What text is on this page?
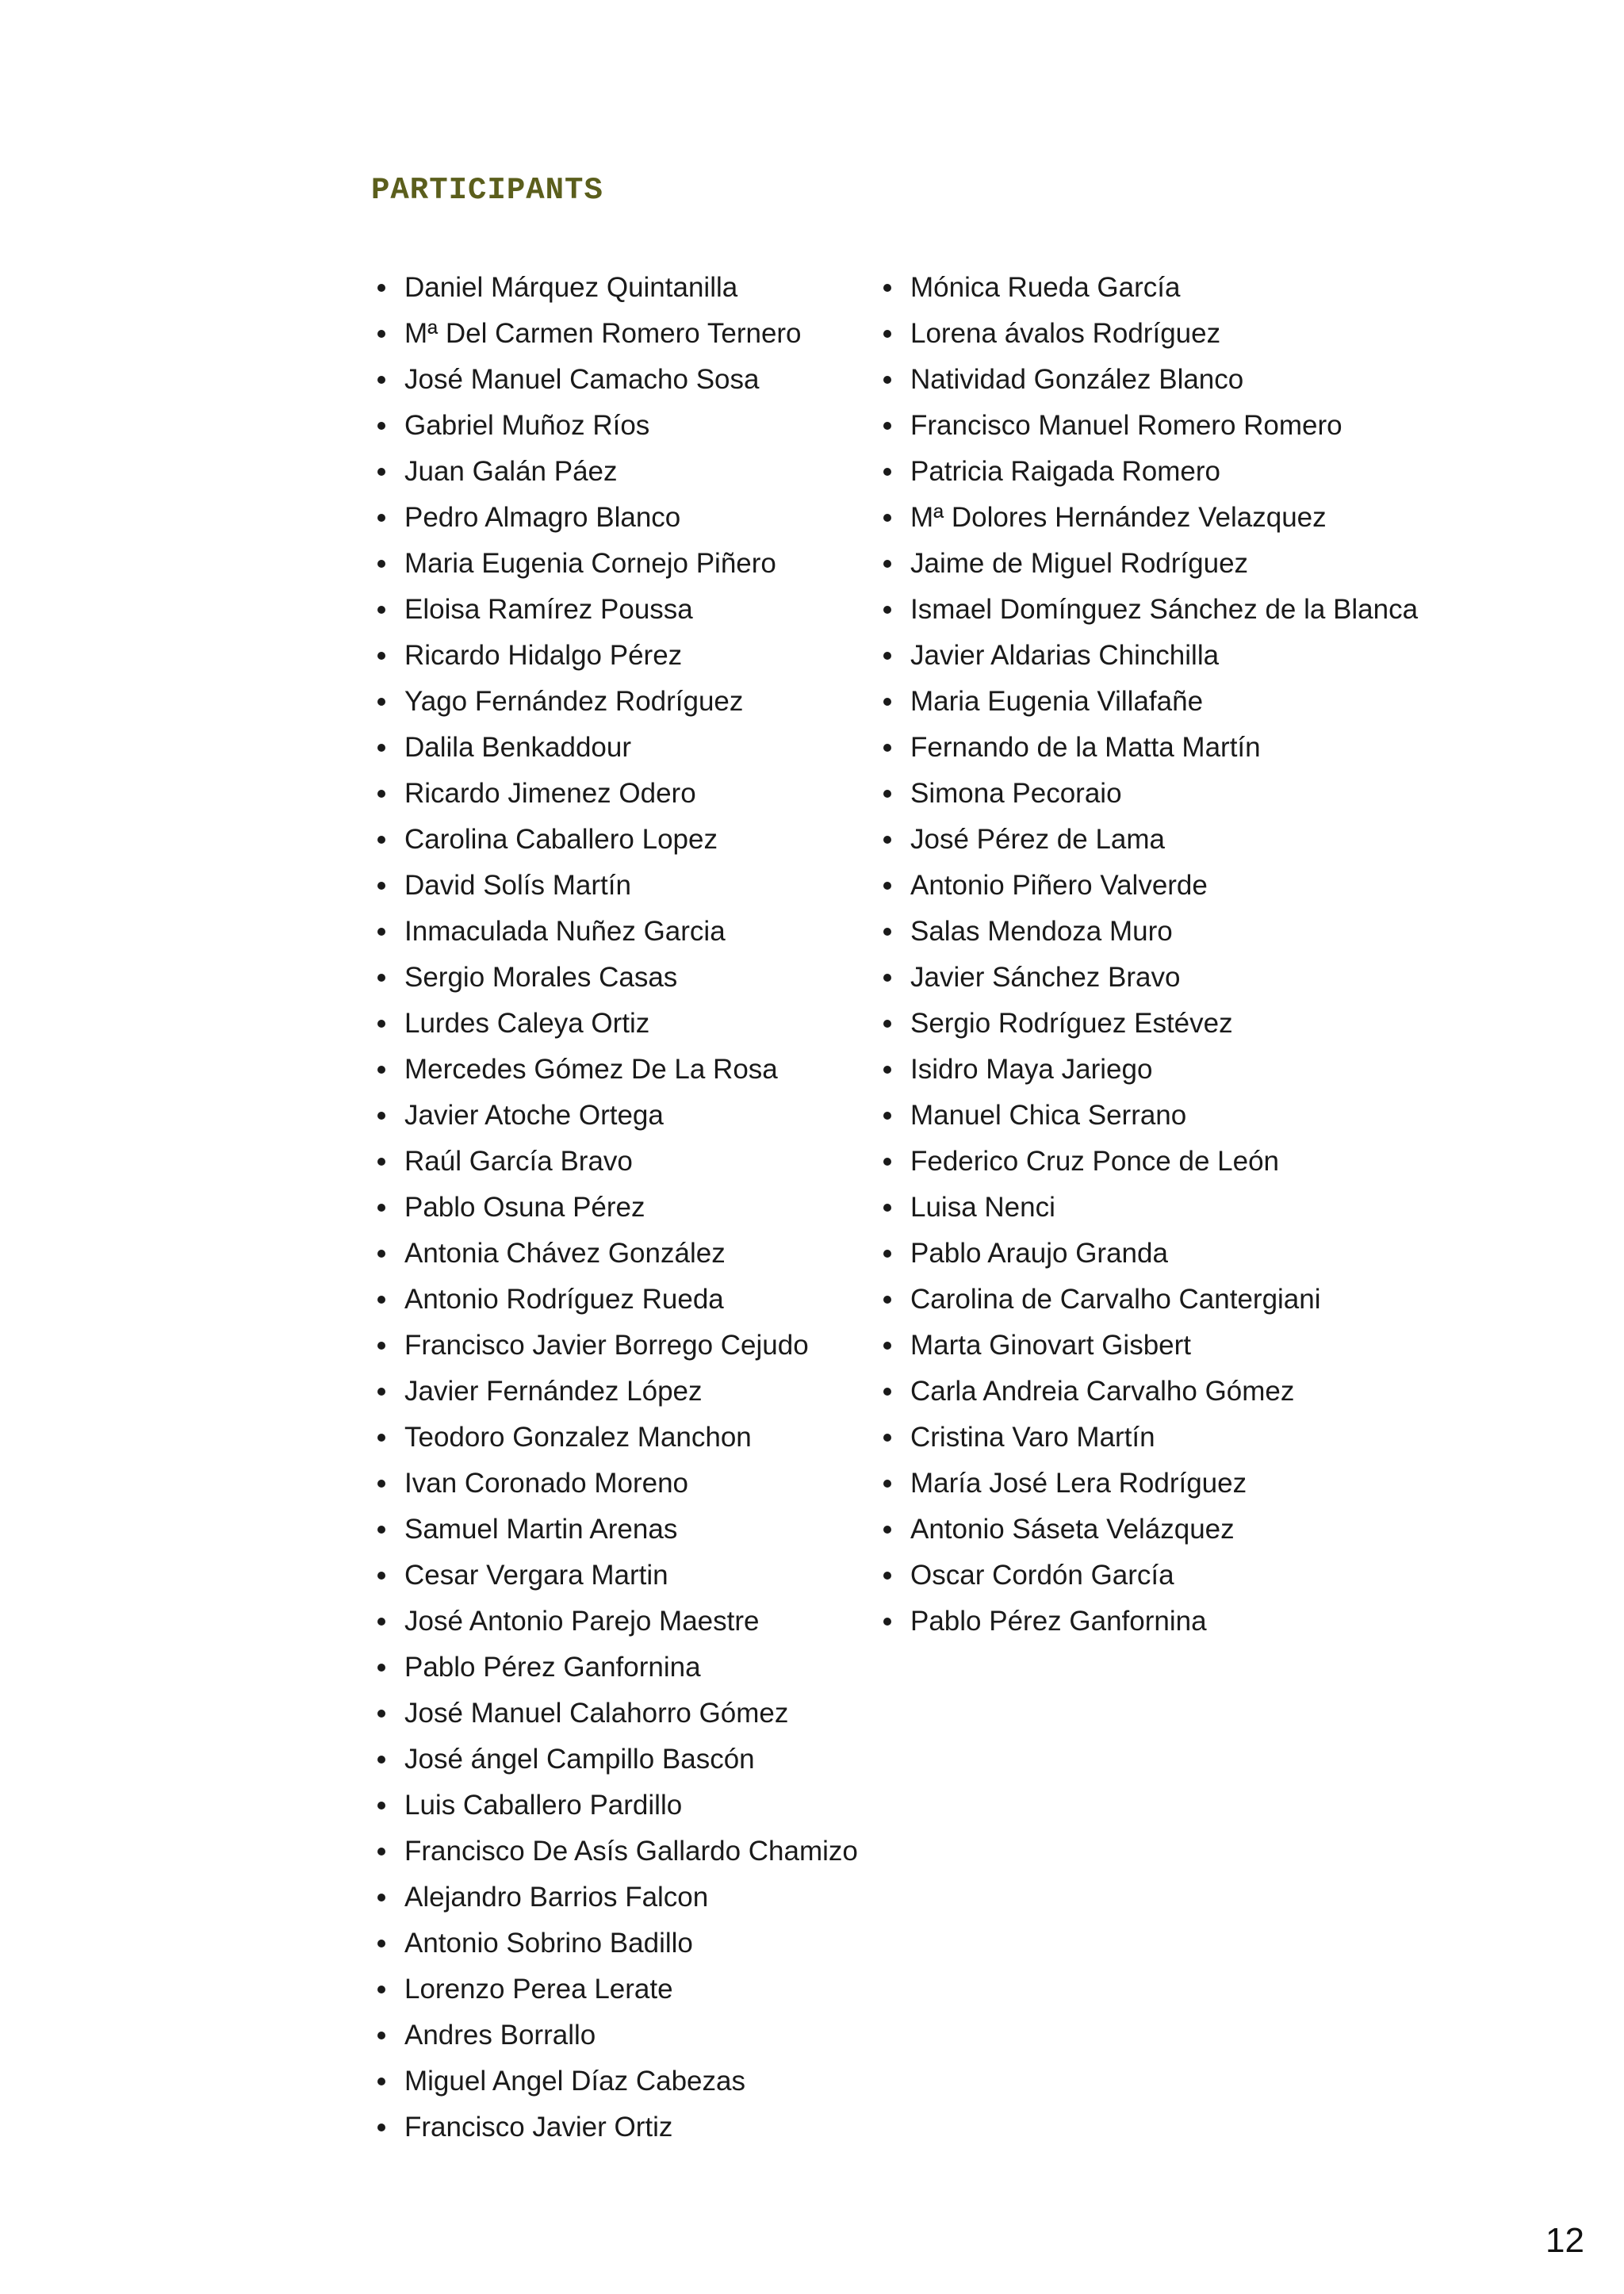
PARTICIPANTS
Daniel Márquez Quintanilla
Mª Del Carmen Romero Ternero
José Manuel Camacho Sosa
Gabriel Muñoz Ríos
Juan Galán Páez
Pedro Almagro Blanco
Maria Eugenia Cornejo Piñero
Eloisa Ramírez Poussa
Ricardo Hidalgo Pérez
Yago Fernández Rodríguez
Dalila Benkaddour
Ricardo Jimenez Odero
Carolina Caballero Lopez
David Solís Martín
Inmaculada Nuñez Garcia
Sergio Morales Casas
Lurdes Caleya Ortiz
Mercedes Gómez De La Rosa
Javier Atoche Ortega
Raúl García Bravo
Pablo Osuna Pérez
Antonia Chávez González
Antonio Rodríguez Rueda
Francisco Javier Borrego Cejudo
Javier Fernández López
Teodoro Gonzalez Manchon
Ivan Coronado Moreno
Samuel Martin Arenas
Cesar Vergara Martin
José Antonio Parejo Maestre
Pablo Pérez Ganfornina
José Manuel Calahorro Gómez
José ángel Campillo Bascón
Luis Caballero Pardillo
Francisco De Asís Gallardo Chamizo
Alejandro Barrios Falcon
Antonio Sobrino Badillo
Lorenzo Perea Lerate
Andres Borrallo
Miguel Angel Díaz Cabezas
Francisco Javier Ortiz
Mónica Rueda García
Lorena ávalos Rodríguez
Natividad González Blanco
Francisco Manuel Romero Romero
Patricia Raigada Romero
Mª Dolores Hernández Velazquez
Jaime de Miguel Rodríguez
Ismael Domínguez Sánchez de la Blanca
Javier Aldarias Chinchilla
Maria Eugenia Villafañe
Fernando de la Matta Martín
Simona Pecoraio
José Pérez de Lama
Antonio Piñero Valverde
Salas Mendoza Muro
Javier Sánchez Bravo
Sergio Rodríguez Estévez
Isidro Maya Jariego
Manuel Chica Serrano
Federico Cruz Ponce de León
Luisa Nenci
Pablo Araujo Granda
Carolina de Carvalho Cantergiani
Marta Ginovart Gisbert
Carla Andreia Carvalho Gómez
Cristina Varo Martín
María José Lera Rodríguez
Antonio Sáseta Velázquez
Oscar Cordón García
Pablo Pérez Ganfornina
12
